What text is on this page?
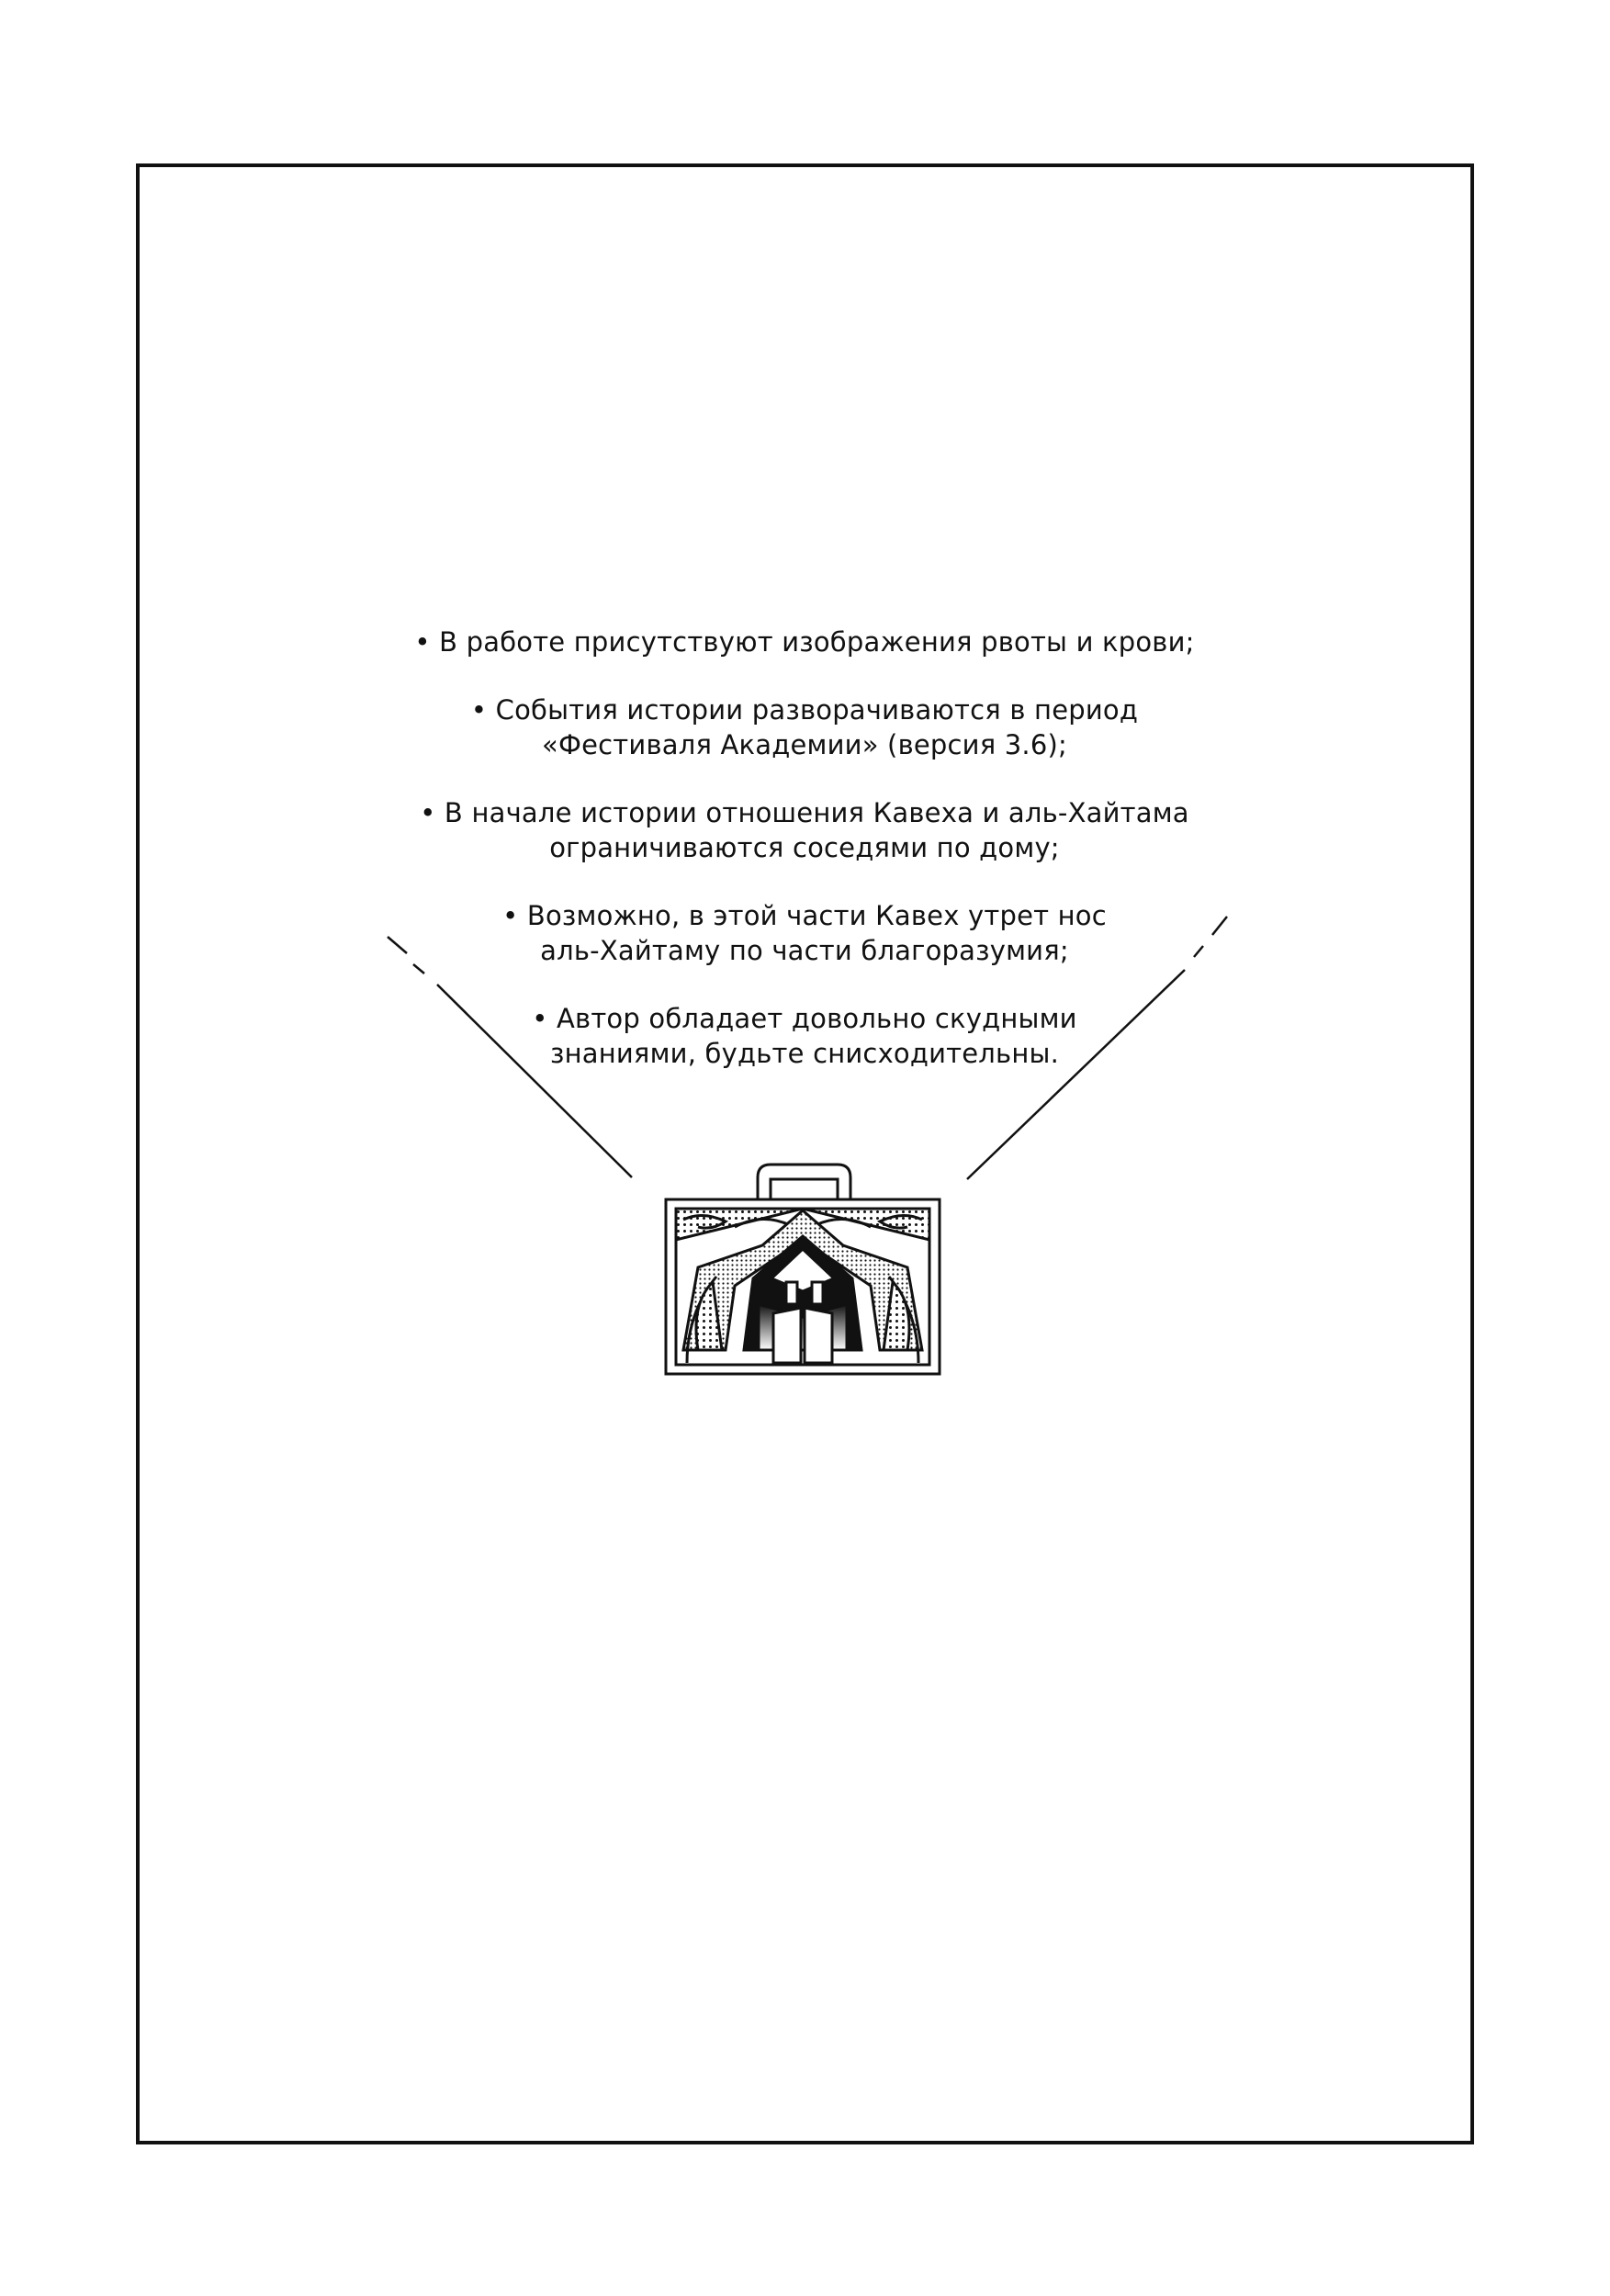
• В работе присутствуют изображения рвоты и крови;
• События истории разворачиваются в период
«Фестиваля Академии» (версия 3.6);
• В начале истории отношения Кавеха и аль-Хайтама
ограничиваются соседями по дому;
• Возможно, в этой части Кавех утрет нос
аль-Хайтаму по части благоразумия;
• Автор обладает довольно скудными
знаниями, будьте снисходительны.
